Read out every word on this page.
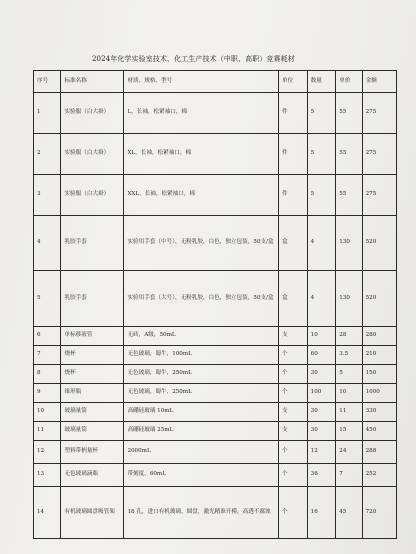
2024年化学实验室技术、化工生产技术（中职、高职）竞赛耗材
序号	标准名称	材质、规格、型号	单位	数量	单价	金额
1	实验服（白大褂）	L，长袖，松紧袖口，棉	件	5	55	275
2	实验服（白大褂）	XL，长袖，松紧袖口，棉	件	5	55	275
3	实验服（白大褂）	XXL，长袖，松紧袖口，棉	件	5	55	275
4	乳胶手套	实验用手套（中号），无粉乳胶，白色，独立包装，50支/盒	盒	4	130	520
5	乳胶手套	实验用手套（大号），无粉乳胶，白色，独立包装，50支/盒	盒	4	130	520
6	单标移液管	无砖，A级，50mL	支	10	28	280
7	烧杯	无色玻璃，蜀牛，100mL	个	60	3.5	210
8	烧杯	无色玻璃，蜀牛，250mL	个	30	5	150
9	锥形瓶	无色玻璃，蜀牛，250mL	个	100	10	1000
10	玻璃量筒	高硼硅玻璃 10mL	支	30	11	330
11	玻璃量筒	高硼硅玻璃 25mL	支	30	15	450
12	塑料带柄量杯	2000mL	个	12	24	288
13	无色玻璃滴瓶	带刻度，60mL	个	36	7	252
14	有机玻璃圆盘吸管架	18 孔，进口有机玻璃，圆盘，激光精准开模，高透不腐蚀	个	16	45	720
